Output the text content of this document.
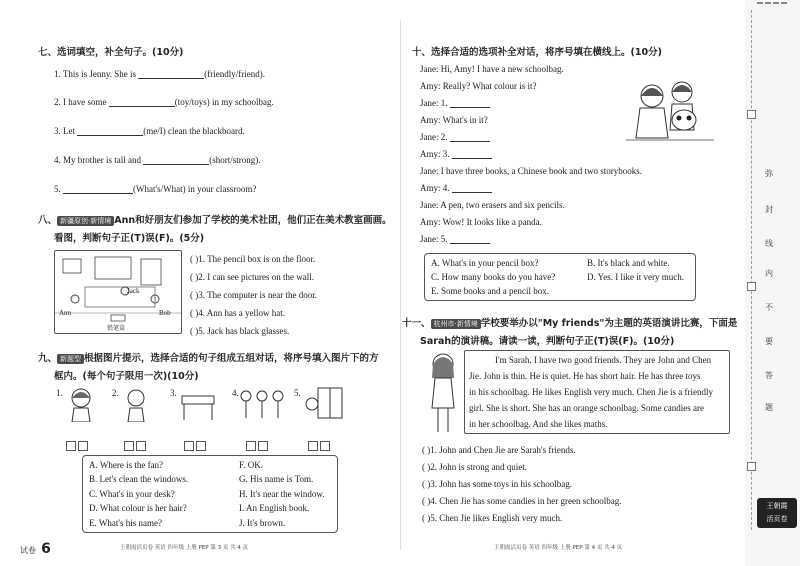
七、选词填空，补全句子。(10分)
1. This is Jenny. She is	(friendly/friend).
2. I have some	(toy/toys) in my schoolbag.
3. Let	(me/I) clean the blackboard.
4. My brother is tall and	(short/strong).
5.	(What's/What) in your classroom?
八、 新疆原创·新情境 Ann和好朋友们参加了学校的美术社团，他们正在美术教室画画。
看图，判断句子正(T)误(F)。(5分)
Jack
Ann	Bob
铅笔盒
( )1. The pencil box is on the floor.
( )2. I can see pictures on the wall.
( )3. The computer is near the door.
( )4. Ann has a yellow hat.
( )5. Jack has black glasses.
九、 新题型 根据图片提示，选择合适的句子组成五组对话，将序号填入图片下的方
框内。(每个句子限用一次)(10分)
1.	2.	3.	4.	5.
A. Where is the fan?
B. Let's clean the windows.
C. What's in your desk?
D. What colour is her hair?
E. What's his name?
F. OK.
G. His name is Tom.
H. It's near the window.
I. An English book.
J. It's brown.
试卷 6	王朝霞活页卷 英语 四年级 上册 PEP 第 3 页 共 4 页
十、选择合适的选项补全对话，将序号填在横线上。(10分)
Jane: Hi, Amy! I have a new schoolbag.
Amy: Really? What colour is it?
Jane: 1.
Amy: What's in it?
Jane: 2.
Amy: 3.
Jane: I have three books, a Chinese book and two storybooks.
Amy: 4.
Jane: A pen, two erasers and six pencils.
Amy: Wow! It looks like a panda.
Jane: 5.
A. What's in your pencil box?	B. It's black and white.
C. How many books do you have?	D. Yes. I like it very much.
E. Some books and a pencil box.
十一、 杭州市·新情境 学校要举办以"My friends"为主题的英语演讲比赛，下面是
Sarah的演讲稿。请读一读，判断句子正(T)误(F)。(10分)
I'm Sarah. I have two good friends. They are John and Chen
Jie. John is thin. He is quiet. He has short hair. He has three toys
in his schoolbag. He likes English very much. Chen Jie is a friendly
girl. She is short. She has an orange schoolbag. Some candies are
in her schoolbag. And she likes maths.
( )1. John and Chen Jie are Sarah's friends.
( )2. John is strong and quiet.
( )3. John has some toys in his schoolbag.
( )4. Chen Jie has some candies in her green schoolbag.
( )5. Chen Jie likes English very much.
王朝霞活页卷 英语 四年级 上册 PEP 第 4 页 共 4 页
弥
封
线
内
不
要
答
题
王朝霞
活页卷
